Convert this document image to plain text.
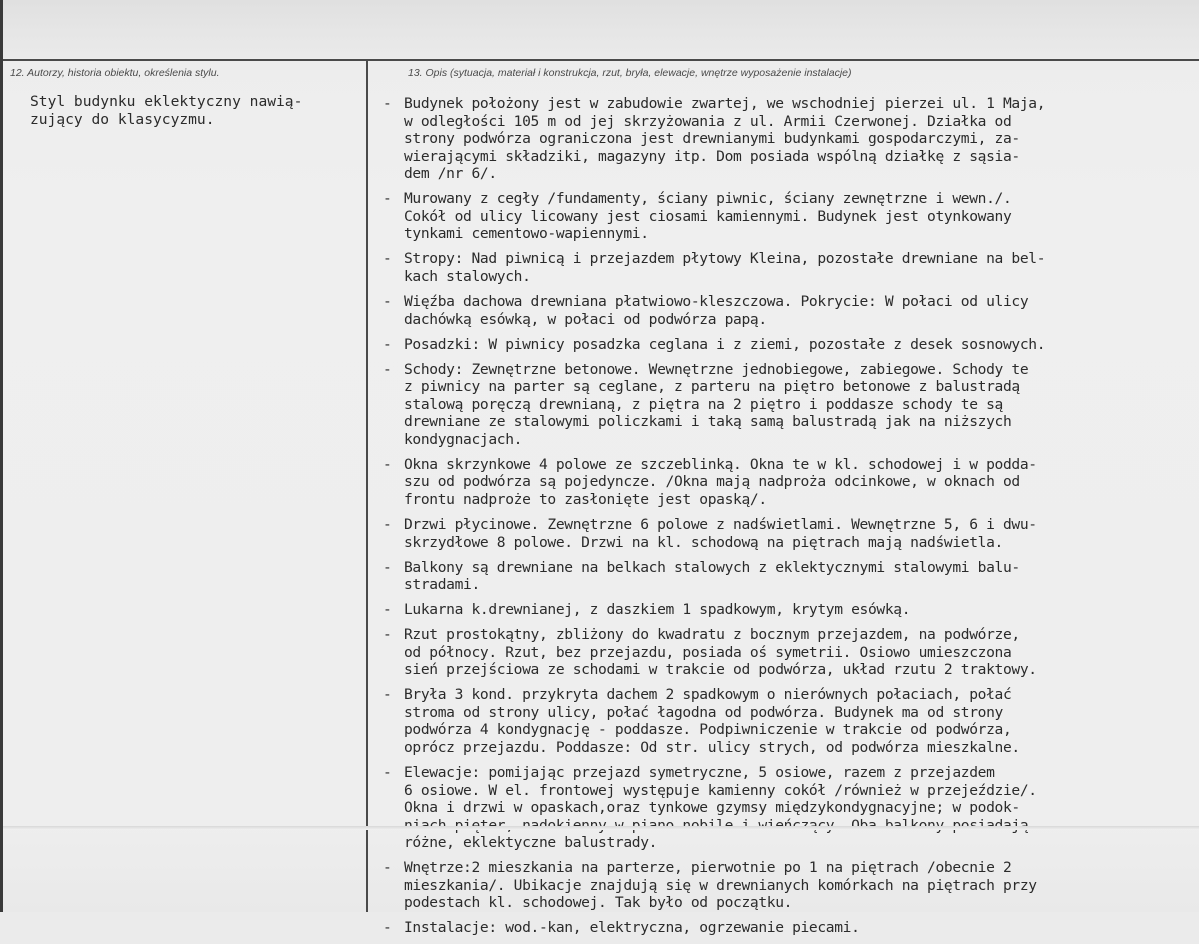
12. Autorzy, historia obiektu, określenia stylu.	13. Opis (sytuacja, materiał i konstrukcja, rzut, bryła, elewacje, wnętrze wyposażenie instalacje)
Styl budynku eklektyczny nawią-
zujący do klasycyzmu.
- Budynek położony jest w zabudowie zwartej, we wschodniej pierzei ul. 1 Maja,
w odległości 105 m od jej skrzyżowania z ul. Armii Czerwonej. Działka od
strony podwórza ograniczona jest drewnianymi budynkami gospodarczymi, za-
wierającymi składziki, magazyny itp. Dom posiada wspólną działkę z sąsia-
dem /nr 6/.
- Murowany z cegły /fundamenty, ściany piwnic, ściany zewnętrzne i wewn./.
Cokół od ulicy licowany jest ciosami kamiennymi. Budynek jest otynkowany
tynkami cementowo-wapiennymi.
- Stropy: Nad piwnicą i przejazdem płytowy Kleina, pozostałe drewniane na bel-
kach stalowych.
- Więźba dachowa drewniana płatwiowo-kleszczowa. Pokrycie: W połaci od ulicy
dachówką esówką, w połaci od podwórza papą.
- Posadzki: W piwnicy posadzka ceglana i z ziemi, pozostałe z desek sosnowych.
- Schody: Zewnętrzne betonowe. Wewnętrzne jednobiegowe, zabiegowe. Schody te
z piwnicy na parter są ceglane, z parteru na piętro betonowe z balustradą
stalową poręczą drewnianą, z piętra na 2 piętro i poddasze schody te są
drewniane ze stalowymi policzkami i taką samą balustradą jak na niższych
kondygnacjach.
- Okna skrzynkowe 4 polowe ze szczeblinką. Okna te w kl. schodowej i w podda-
szu od podwórza są pojedyncze. /Okna mają nadproża odcinkowe, w oknach od
frontu nadproże to zasłonięte jest opaską/.
- Drzwi płycinowe. Zewnętrzne 6 polowe z nadświetlami. Wewnętrzne 5, 6 i dwu-
skrzydłowe 8 polowe. Drzwi na kl. schodową na piętrach mają nadświetla.
- Balkony są drewniane na belkach stalowych z eklektycznymi stalowymi balu-
stradami.
- Lukarna k.drewnianej, z daszkiem 1 spadkowym, krytym esówką.
- Rzut prostokątny, zbliżony do kwadratu z bocznym przejazdem, na podwórze,
od północy. Rzut, bez przejazdu, posiada oś symetrii. Osiowo umieszczona
sień przejściowa ze schodami w trakcie od podwórza, układ rzutu 2 traktowy.
- Bryła 3 kond. przykryta dachem 2 spadkowym o nierównych połaciach, połać
stroma od strony ulicy, połać łagodna od podwórza. Budynek ma od strony
podwórza 4 kondygnację - poddasze. Podpiwniczenie w trakcie od podwórza,
oprócz przejazdu. Poddasze: Od str. ulicy strych, od podwórza mieszkalne.
- Elewacje: pomijając przejazd symetryczne, 5 osiowe, razem z przejazdem
6 osiowe. W el. frontowej występuje kamienny cokół /również w przejeździe/.
Okna i drzwi w opaskach,oraz tynkowe gzymsy międzykondygnacyjne; w podok-

różne, eklektyczne balustrady.
- Wnętrze:2 mieszkania na parterze, pierwotnie po 1 na piętrach /obecnie 2
mieszkania/. Ubikacje znajdują się w drewnianych komórkach na piętrach przy
podestach kl. schodowej. Tak było od początku.
- Instalacje: wod.-kan, elektryczna, ogrzewanie piecami.
